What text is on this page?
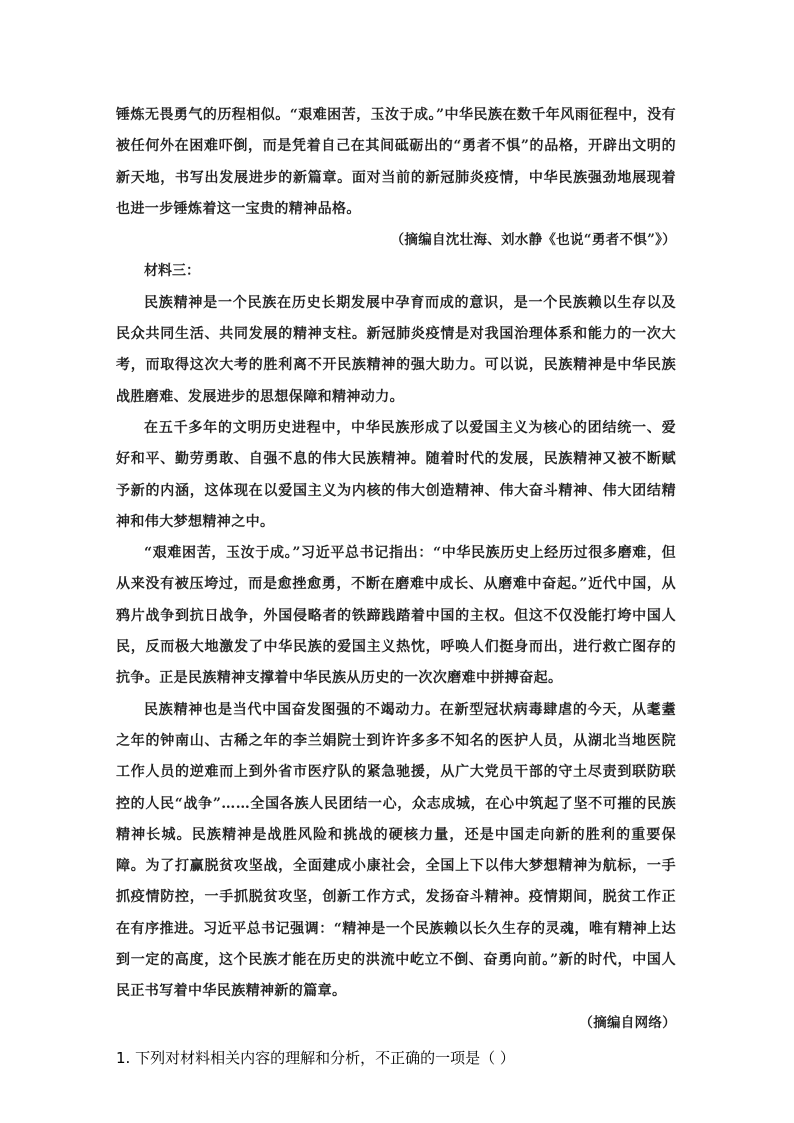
锤炼无畏勇气的历程相似。“艰难困苦，玉汝于成。”中华民族在数千年风雨征程中，没有被任何外在困难吓倒，而是凭着自己在其间砥砺出的“勇者不惧”的品格，开辟出文明的新天地，书写出发展进步的新篇章。面对当前的新冠肺炎疫情，中华民族强劲地展现着也进一步锤炼着这一宝贵的精神品格。

（摘编自沈壮海、刘水静《也说“勇者不惧”》）

材料三：

民族精神是一个民族在历史长期发展中孕育而成的意识，是一个民族赖以生存以及民众共同生活、共同发展的精神支柱。新冠肺炎疫情是对我国治理体系和能力的一次大考，而取得这次大考的胜利离不开民族精神的强大助力。可以说，民族精神是中华民族战胜磨难、发展进步的思想保障和精神动力。

在五千多年的文明历史进程中，中华民族形成了以爱国主义为核心的团结统一、爱好和平、勤劳勇敢、自强不息的伟大民族精神。随着时代的发展，民族精神又被不断赋予新的内涵，这体现在以爱国主义为内核的伟大创造精神、伟大奋斗精神、伟大团结精神和伟大梦想精神之中。

“艰难困苦，玉汝于成。”习近平总书记指出：“中华民族历史上经历过很多磨难，但从来没有被压垮过，而是愈挫愈勇，不断在磨难中成长、从磨难中奋起。”近代中国，从鸦片战争到抗日战争，外国侵略者的铁蹄践踏着中国的主权。但这不仅没能打垮中国人民，反而极大地激发了中华民族的爱国主义热忱，呼唤人们挺身而出，进行救亡图存的抗争。正是民族精神支撑着中华民族从历史的一次次磨难中拼搏奋起。

民族精神也是当代中国奋发图强的不竭动力。在新型冠状病毒肆虐的今天，从耄耋之年的钟南山、古稀之年的李兰娟院士到许许多多不知名的医护人员，从湖北当地医院工作人员的逆难而上到外省市医疗队的紧急驰援，从广大党员干部的守土尽责到联防联控的人民“战争”……全国各族人民团结一心，众志成城，在心中筑起了坚不可摧的民族精神长城。民族精神是战胜风险和挑战的硬核力量，还是中国走向新的胜利的重要保障。为了打赢脱贫攻坚战，全面建成小康社会，全国上下以伟大梦想精神为航标，一手抓疫情防控，一手抓脱贫攻坚，创新工作方式，发扬奋斗精神。疫情期间，脱贫工作正在有序推进。习近平总书记强调：“精神是一个民族赖以长久生存的灵魂，唯有精神上达到一定的高度，这个民族才能在历史的洪流中屹立不倒、奋勇向前。”新的时代，中国人民正书写着中华民族精神新的篇章。

（摘编自网络）

1. 下列对材料相关内容的理解和分析，不正确的一项是（ ）
